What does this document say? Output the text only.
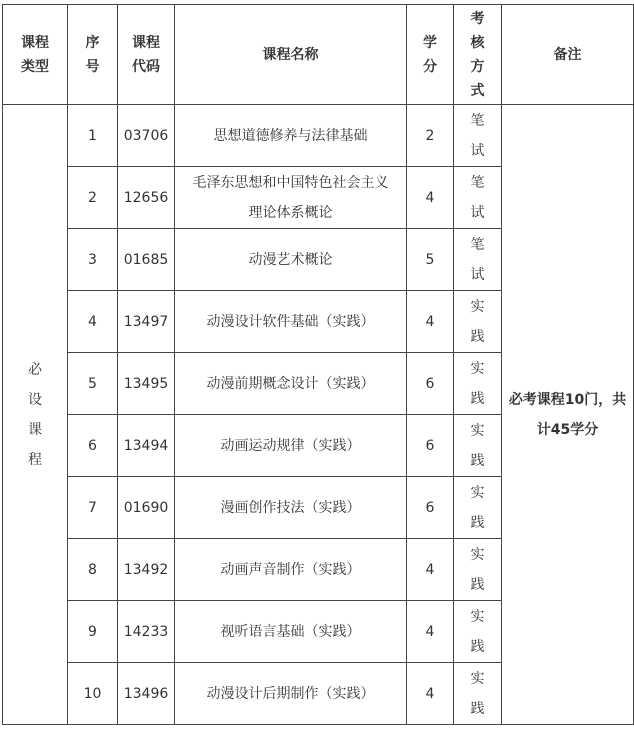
课程类型	序号	课程代码	课程名称	学分	考核方式	备注
必设课程	1	03706	思想道德修养与法律基础	2	笔试	必考课程10门，共计45学分
	2	12656	毛泽东思想和中国特色社会主义理论体系概论	4	笔试	
	3	01685	动漫艺术概论	5	笔试	
	4	13497	动漫设计软件基础（实践）	4	实践	
	5	13495	动漫前期概念设计（实践）	6	实践	
	6	13494	动画运动规律（实践）	6	实践	
	7	01690	漫画创作技法（实践）	6	实践	
	8	13492	动画声音制作（实践）	4	实践	
	9	14233	视听语言基础（实践）	4	实践	
	10	13496	动漫设计后期制作（实践）	4	实践	
